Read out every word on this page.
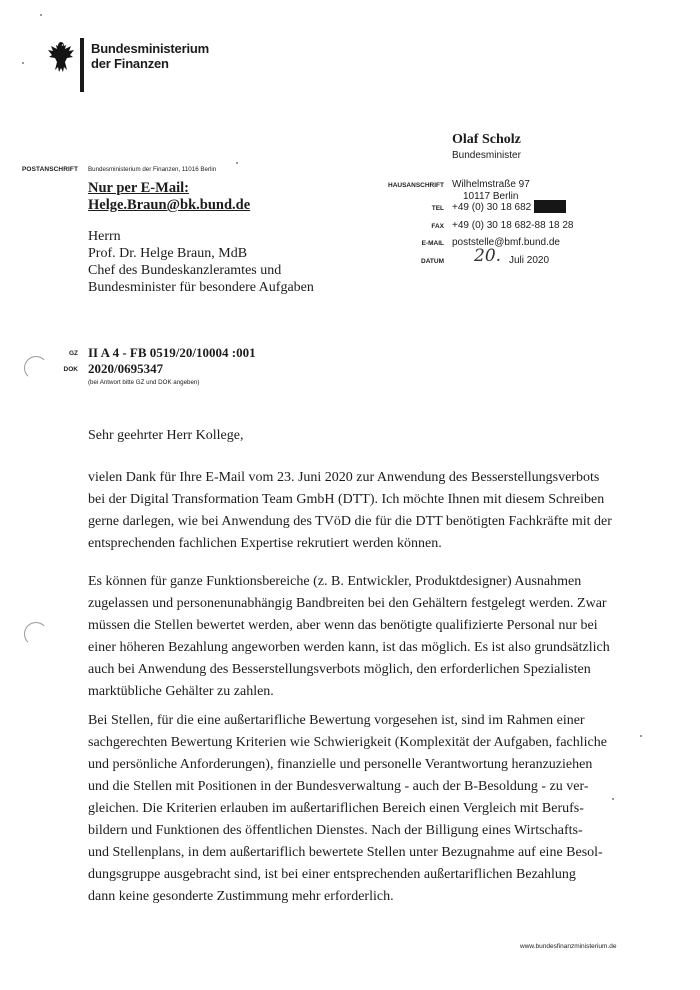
Bundesministerium
der Finanzen
Olaf Scholz
Bundesminister
POSTANSCHRIFT Bundesministerium der Finanzen, 11016 Berlin
Nur per E-Mail:
Helge.Braun@bk.bund.de
Herrn
Prof. Dr. Helge Braun, MdB
Chef des Bundeskanzleramtes und
Bundesminister für besondere Aufgaben
HAUSANSCHRIFT Wilhelmstraße 97
10117 Berlin
TEL +49 (0) 30 18 682
FAX +49 (0) 30 18 682-88 18 28
E-MAIL poststelle@bmf.bund.de
DATUM 20. Juli 2020
GZ II A 4 - FB 0519/20/10004 :001
DOK 2020/0695347
(bei Antwort bitte GZ und DOK angeben)
Sehr geehrter Herr Kollege,
vielen Dank für Ihre E-Mail vom 23. Juni 2020 zur Anwendung des Besserstellungsverbots
bei der Digital Transformation Team GmbH (DTT). Ich möchte Ihnen mit diesem Schreiben
gerne darlegen, wie bei Anwendung des TVöD die für die DTT benötigten Fachkräfte mit der
entsprechenden fachlichen Expertise rekrutiert werden können.
Es können für ganze Funktionsbereiche (z. B. Entwickler, Produktdesigner) Ausnahmen
zugelassen und personenunabhängig Bandbreiten bei den Gehältern festgelegt werden. Zwar
müssen die Stellen bewertet werden, aber wenn das benötigte qualifizierte Personal nur bei
einer höheren Bezahlung angeworben werden kann, ist das möglich. Es ist also grundsätzlich
auch bei Anwendung des Besserstellungsverbots möglich, den erforderlichen Spezialisten
marktübliche Gehälter zu zahlen.
Bei Stellen, für die eine außertarifliche Bewertung vorgesehen ist, sind im Rahmen einer
sachgerechten Bewertung Kriterien wie Schwierigkeit (Komplexität der Aufgaben, fachliche
und persönliche Anforderungen), finanzielle und personelle Verantwortung heranzuziehen
und die Stellen mit Positionen in der Bundesverwaltung - auch der B-Besoldung - zu ver-
gleichen. Die Kriterien erlauben im außertariflichen Bereich einen Vergleich mit Berufs-
bildern und Funktionen des öffentlichen Dienstes. Nach der Billigung eines Wirtschafts-
und Stellenplans, in dem außertariflich bewertete Stellen unter Bezugnahme auf eine Besol-
dungsgruppe ausgebracht sind, ist bei einer entsprechenden außertariflichen Bezahlung
dann keine gesonderte Zustimmung mehr erforderlich.
www.bundesfinanzministerium.de
